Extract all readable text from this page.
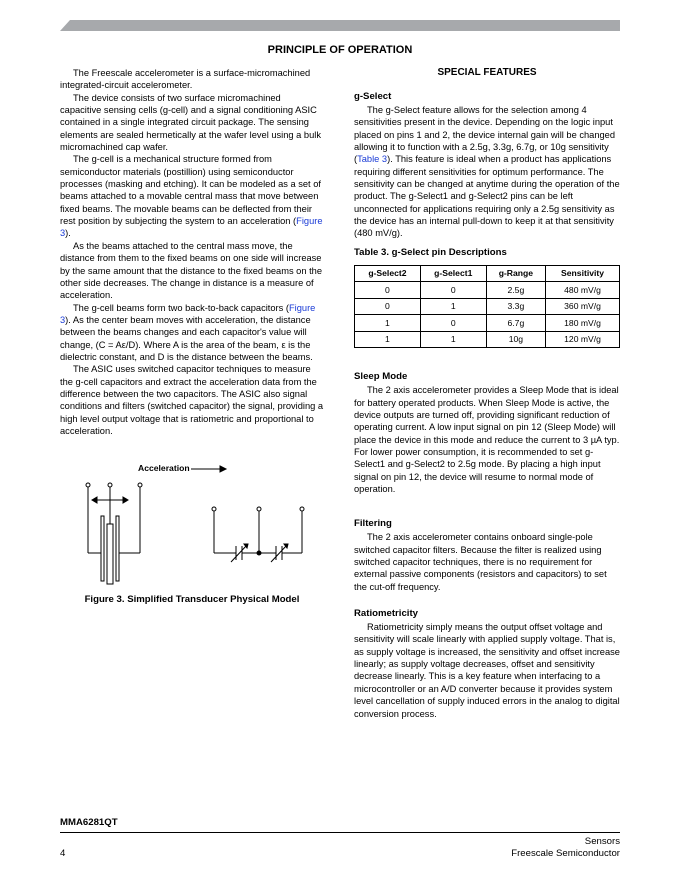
PRINCIPLE OF OPERATION

The Freescale accelerometer is a surface-micromachined integrated-circuit accelerometer.

The device consists of two surface micromachined capacitive sensing cells (g-cell) and a signal conditioning ASIC contained in a single integrated circuit package. The sensing elements are sealed hermetically at the wafer level using a bulk micromachined cap wafer.

The g-cell is a mechanical structure formed from semiconductor materials (postillion) using semiconductor processes (masking and etching). It can be modeled as a set of beams attached to a movable central mass that move between fixed beams. The movable beams can be deflected from their rest position by subjecting the system to an acceleration (Figure 3).

As the beams attached to the central mass move, the distance from them to the fixed beams on one side will increase by the same amount that the distance to the fixed beams on the other side decreases. The change in distance is a measure of acceleration.

The g-cell beams form two back-to-back capacitors (Figure 3). As the center beam moves with acceleration, the distance between the beams changes and each capacitor's value will change, (C = Aε/D). Where A is the area of the beam, ε is the dielectric constant, and D is the distance between the beams.

The ASIC uses switched capacitor techniques to measure the g-cell capacitors and extract the acceleration data from the difference between the two capacitors. The ASIC also signal conditions and filters (switched capacitor) the signal, providing a high level output voltage that is ratiometric and proportional to acceleration.

Acceleration
Figure 3. Simplified Transducer Physical Model
SPECIAL FEATURES
g-Select

The g-Select feature allows for the selection among 4 sensitivities present in the device. Depending on the logic input placed on pins 1 and 2, the device internal gain will be changed allowing it to function with a 2.5g, 3.3g, 6.7g, or 10g sensitivity (Table 3). This feature is ideal when a product has applications requiring different sensitivities for optimum performance. The sensitivity can be changed at anytime during the operation of the product. The g-Select1 and g-Select2 pins can be left unconnected for applications requiring only a 2.5g sensitivity as the device has an internal pull-down to keep it at that sensitivity (480 mV/g).

Table 3. g-Select pin Descriptions
g-Select2	g-Select1	g-Range	Sensitivity
0	0	2.5g	480 mV/g
0	1	3.3g	360 mV/g
1	0	6.7g	180 mV/g
1	1	10g	120 mV/g
Sleep Mode

The 2 axis accelerometer provides a Sleep Mode that is ideal for battery operated products. When Sleep Mode is active, the device outputs are turned off, providing significant reduction of operating current. A low input signal on pin 12 (Sleep Mode) will place the device in this mode and reduce the current to 3 µA typ. For lower power consumption, it is recommended to set g-Select1 and g-Select2 to 2.5g mode. By placing a high input signal on pin 12, the device will resume to normal mode of operation.

Filtering

The 2 axis accelerometer contains onboard single-pole switched capacitor filters. Because the filter is realized using switched capacitor techniques, there is no requirement for external passive components (resistors and capacitors) to set the cut-off frequency.

Ratiometricity

Ratiometricity simply means the output offset voltage and sensitivity will scale linearly with applied supply voltage. That is, as supply voltage is increased, the sensitivity and offset increase linearly; as supply voltage decreases, offset and sensitivity decrease linearly. This is a key feature when interfacing to a microcontroller or an A/D converter because it provides system level cancellation of supply induced errors in the analog to digital conversion process.

MMA6281QT
4
Sensors
Freescale Semiconductor
